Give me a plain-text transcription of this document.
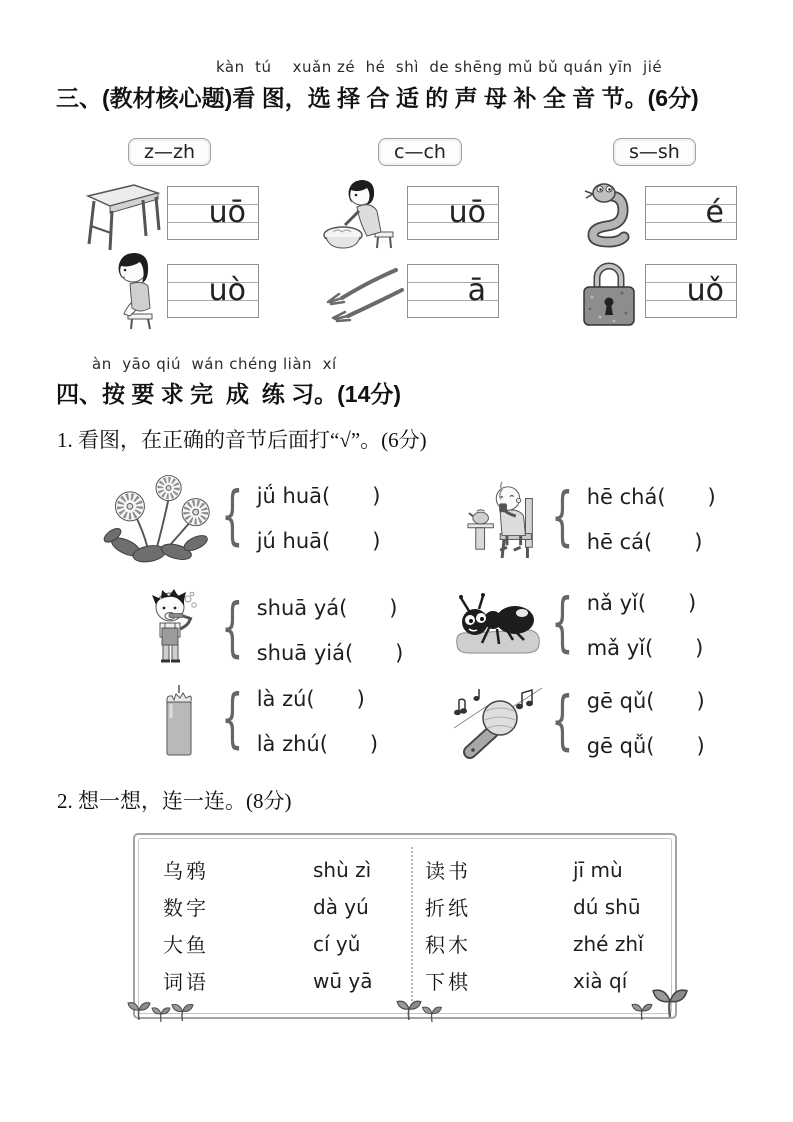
kàn  tú    xuǎn zé  hé  shì  de shēng mǔ bǔ quán yīn  jié
三、(教材核心题)看 图，选 择 合 适 的 声 母 补 全 音 节。(6分)
z—zh	c—ch	s—sh
uō	uō	é
uò	ā	uǒ
àn  yāo qiú  wán chéng liàn  xí
四、按 要 求 完  成  练 习。(14分)
1. 看图，在正确的音节后面打“√”。(6分)
{ jǘ huā(　　)
jú huā(　　)	{ hē chá(　　)
hē cá(　　)
{ shuā yá(　　)
shuā yiá(　　) { nǎ yǐ(　　)
mǎ yǐ(　　)
{ là zú(　　)
là zhú(　　)	{ gē qǔ(　　)
gē qǚ(　　)
2. 想一想，连一连。(8分)
乌鸦	shù zì	读书	jī mù
数字	dà yú	折纸	dú shū
大鱼	cí yǔ	积木	zhé zhǐ
词语	wū yā	下棋	xià qí
